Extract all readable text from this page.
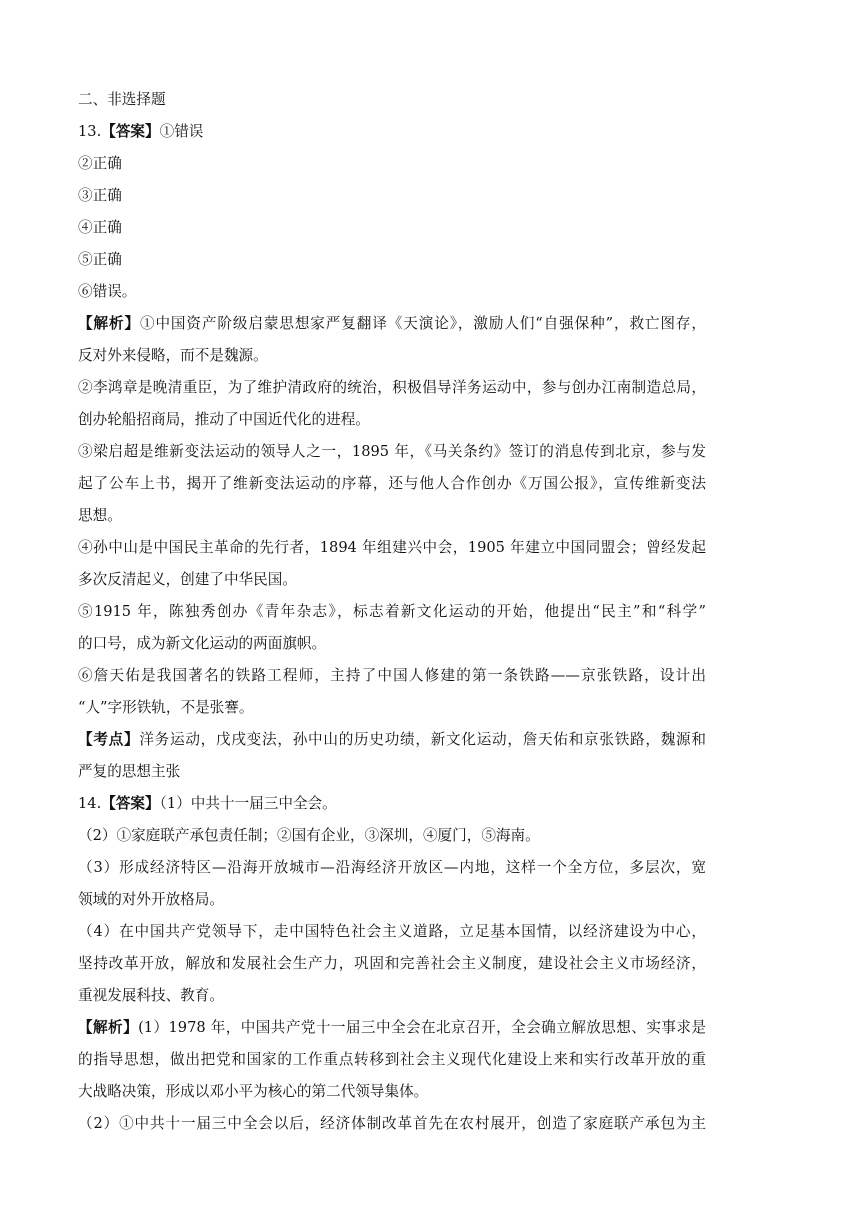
二、非选择题
13.【答案】①错误
②正确
③正确
④正确
⑤正确
⑥错误。
【解析】①中国资产阶级启蒙思想家严复翻译《天演论》，激励人们“自强保种”，救亡图存，
反对外来侵略，而不是魏源。
②李鸿章是晚清重臣，为了维护清政府的统治，积极倡导洋务运动中，参与创办江南制造总局，
创办轮船招商局，推动了中国近代化的进程。
③梁启超是维新变法运动的领导人之一，1895 年，《马关条约》签订的消息传到北京，参与发
起了公车上书，揭开了维新变法运动的序幕，还与他人合作创办《万国公报》，宣传维新变法
思想。
④孙中山是中国民主革命的先行者，1894 年组建兴中会，1905 年建立中国同盟会；曾经发起
多次反清起义，创建了中华民国。
⑤1915 年，陈独秀创办《青年杂志》，标志着新文化运动的开始，他提出“民主”和“科学”
的口号，成为新文化运动的两面旗帜。
⑥詹天佑是我国著名的铁路工程师，主持了中国人修建的第一条铁路——京张铁路，设计出
“人”字形铁轨，不是张謇。
【考点】洋务运动，戊戌变法，孙中山的历史功绩，新文化运动，詹天佑和京张铁路，魏源和
严复的思想主张
14.【答案】（1）中共十一届三中全会。
（2）①家庭联产承包责任制；②国有企业，③深圳，④厦门，⑤海南。
（3）形成经济特区—沿海开放城市—沿海经济开放区—内地，这样一个全方位，多层次，宽
领域的对外开放格局。
（4）在中国共产党领导下，走中国特色社会主义道路，立足基本国情，以经济建设为中心，
坚持改革开放，解放和发展社会生产力，巩固和完善社会主义制度，建设社会主义市场经济，
重视发展科技、教育。
【解析】(1）1978 年，中国共产党十一届三中全会在北京召开，全会确立解放思想、实事求是
的指导思想，做出把党和国家的工作重点转移到社会主义现代化建设上来和实行改革开放的重
大战略决策，形成以邓小平为核心的第二代领导集体。
（2）①中共十一届三中全会以后，经济体制改革首先在农村展开，创造了家庭联产承包为主
